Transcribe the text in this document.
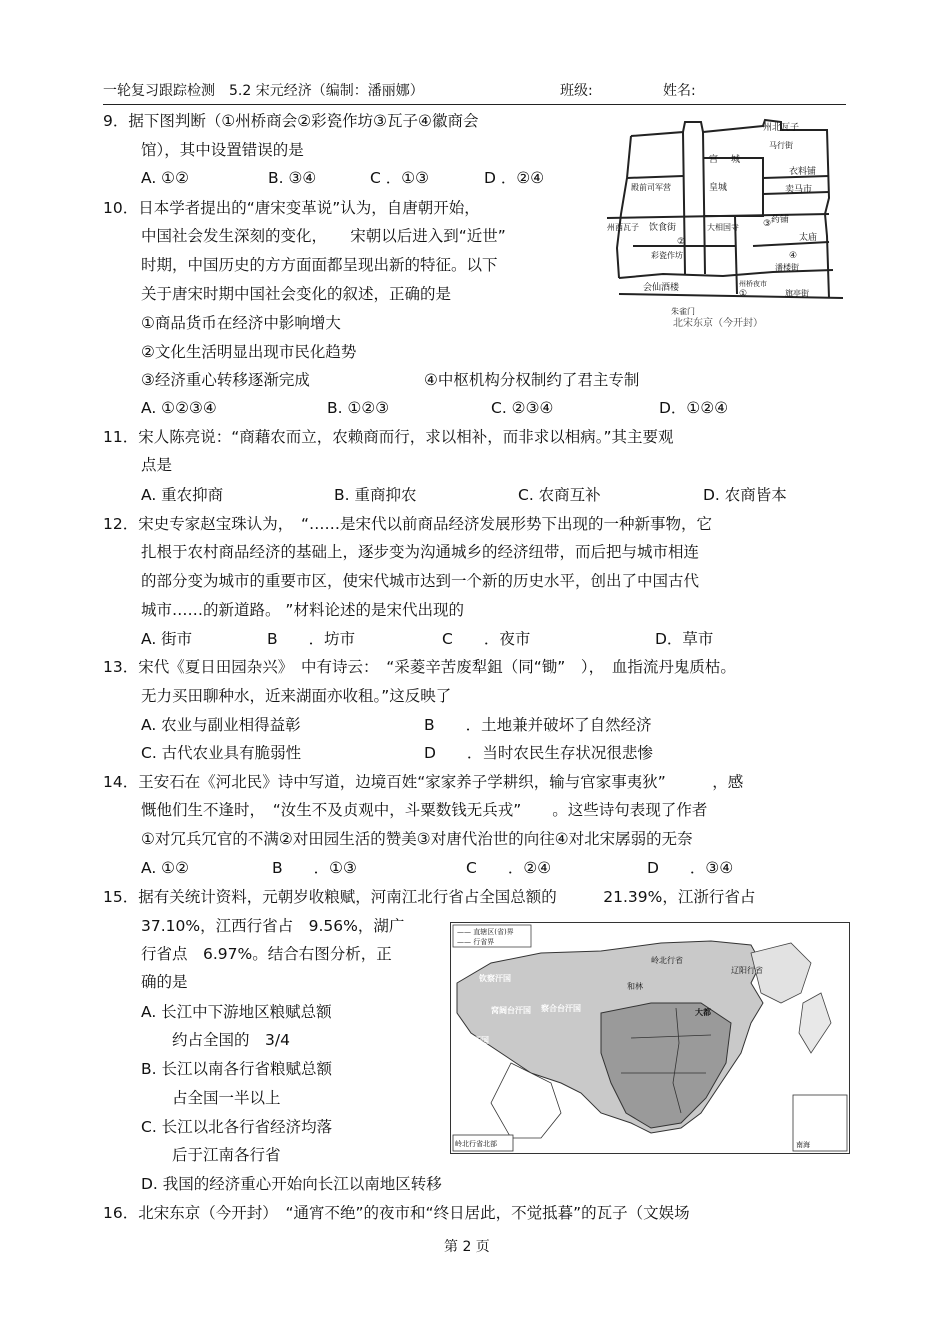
一轮复习跟踪检测　5.2 宋元经济（编制：潘丽娜）	班级:	姓名:
9．据下图判断（①州桥商会②彩瓷作坊③瓦子④徽商会
馆），其中设置错误的是
A. ①②	B. ③④	C ．①③	D ．②④
州北瓦子
宫 城
马行街
衣料铺
殿前司军营	皇城	卖马市
州西瓦子 饮食街	大相国寺
药铺
②
彩瓷作坊
太庙
③
④
潘楼街
会仙酒楼
朱雀门
州桥夜市
旗亭街
①
北宋东京（今开封）
10．日本学者提出的“唐宋变革说”认为，自唐朝开始，
中国社会发生深刻的变化，　　宋朝以后进入到“近世”
时期，中国历史的方方面面都呈现出新的特征。以下
关于唐宋时期中国社会变化的叙述，正确的是
①商品货币在经济中影响增大
②文化生活明显出现市民化趋势
③经济重心转移逐渐完成	④中枢机构分权制约了君主专制
A. ①②③④	B. ①②③	C. ②③④	D．①②④
11．宋人陈亮说：“商藉农而立，农赖商而行，求以相补，而非求以相病。”其主要观
点是
A. 重农抑商	B. 重商抑农	C. 农商互补	D. 农商皆本
12．宋史专家赵宝珠认为，　“……是宋代以前商品经济发展形势下出现的一种新事物，它
扎根于农村商品经济的基础上，逐步变为沟通城乡的经济纽带，而后把与城市相连
的部分变为城市的重要市区，使宋代城市达到一个新的历史水平，创出了中国古代
城市……的新道路。 ”材料论述的是宋代出现的
A. 街市	B　　．坊市	C　　．夜市	D．草市
13．宋代《夏日田园杂兴》　中有诗云：　“采菱辛苦废犁鉏（同“锄”　），　血指流丹鬼质枯。
无力买田聊种水，近来湖面亦收租。”这反映了
A. 农业与副业相得益彰	B　　．土地兼并破坏了自然经济
C. 古代农业具有脆弱性	D　　．当时农民生存状况很悲惨
14．王安石在《河北民》诗中写道，边境百姓“家家养子学耕织，输与官家事夷狄”　　　，感
慨他们生不逢时，　“汝生不及贞观中，斗粟数钱无兵戎”　　。这些诗句表现了作者
①对冗兵冗官的不满②对田园生活的赞美③对唐代治世的向往④对北宋孱弱的无奈
A. ①②	B　　．①③	C　　．②④	D　　．③④
15．据有关统计资料，元朝岁收粮赋，河南江北行省占全国总额的　　　21.39%，江浙行省占
37.10%，江西行省占　9.56%，湖广
行省点　6.97%。结合右图分析，正
确的是
A. 长江中下游地区粮赋总额
约占全国的　3/4
B. 长江以南各行省粮赋总额
占全国一半以上
C. 长江以北各行省经济均落
后于江南各行省
D. 我国的经济重心开始向长江以南地区转移
—— 直辖区(省)界
—— 行省界
南海
岭北行省北部
钦察汗国
窝阔台汗国 察合台汗国
伊利汗国
和林
大都
岭北行省
辽阳行省
16．北宋东京（今开封）　“通宵不绝”的夜市和“终日居此，不觉抵暮”的瓦子（文娱场
第 2 页
